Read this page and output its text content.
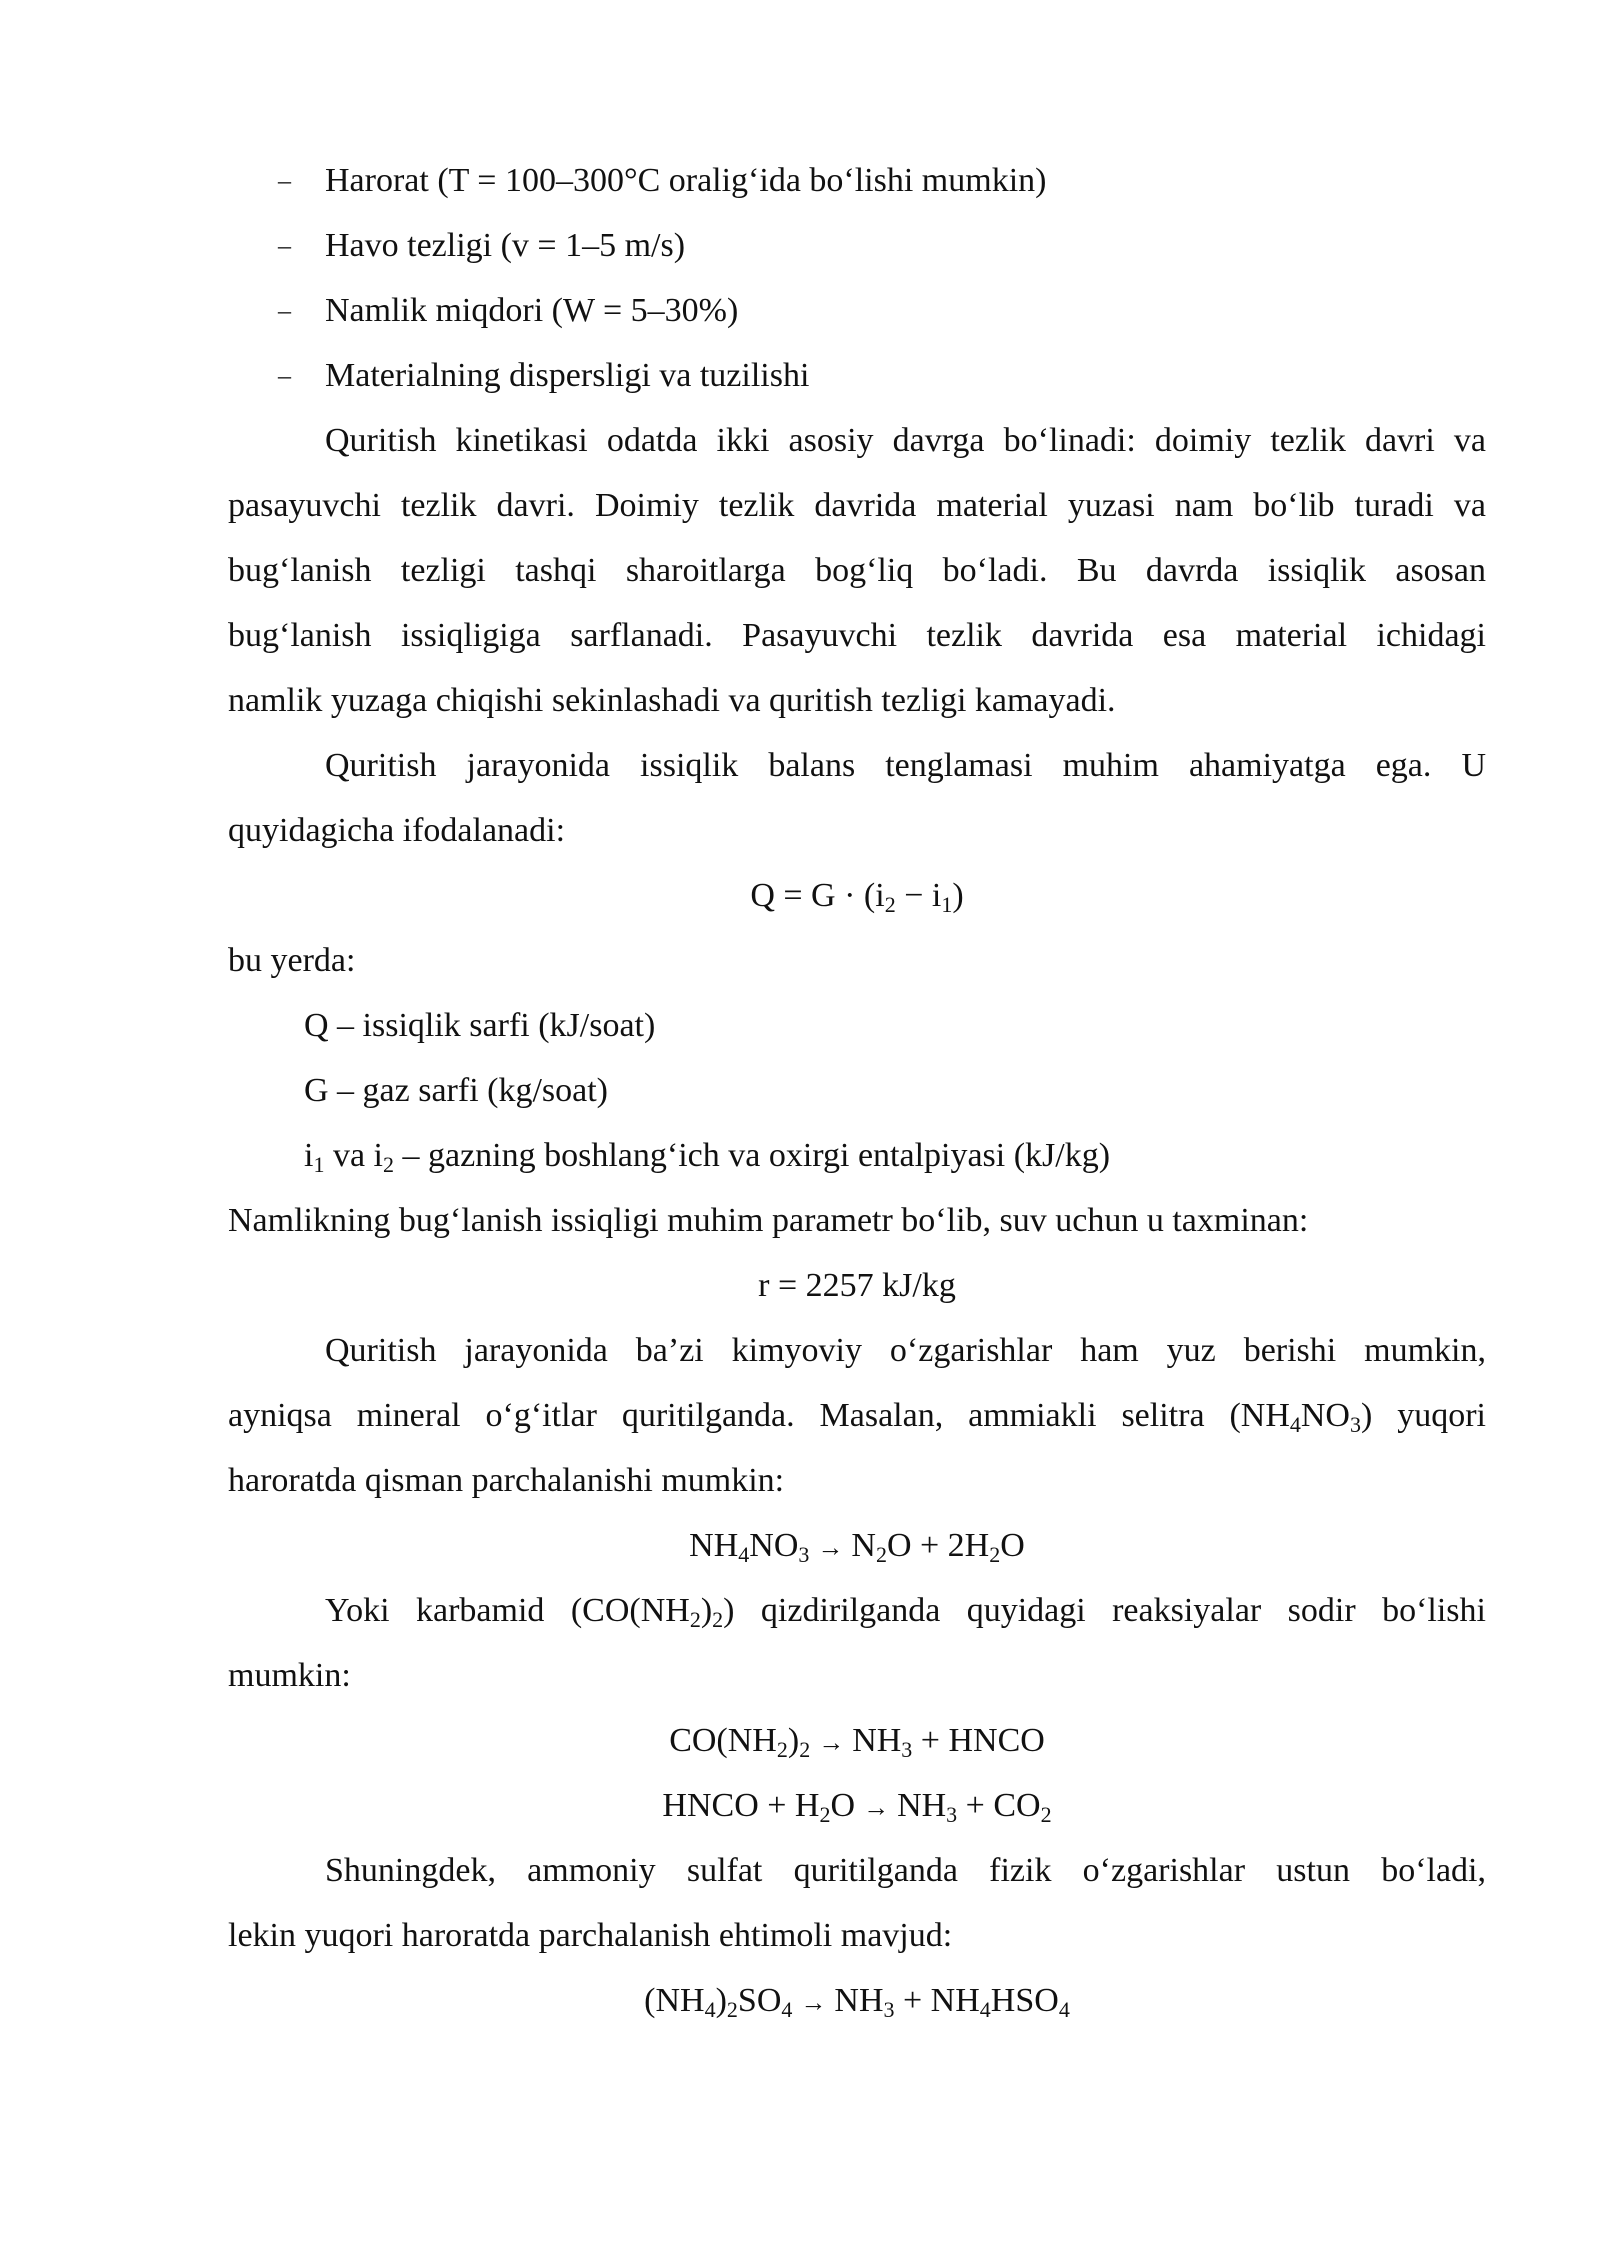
– Harorat (T = 100–300°C oralig‘ida bo‘lishi mumkin)
– Havo tezligi (v = 1–5 m/s)
– Namlik miqdori (W = 5–30%)
– Materialning dispersligi va tuzilishi
Quritish kinetikasi odatda ikki asosiy davrga bo‘linadi: doimiy tezlik davri va
pasayuvchi tezlik davri. Doimiy tezlik davrida material yuzasi nam bo‘lib turadi va
bug‘lanish tezligi tashqi sharoitlarga bog‘liq bo‘ladi. Bu davrda issiqlik asosan
bug‘lanish issiqligiga sarflanadi. Pasayuvchi tezlik davrida esa material ichidagi
namlik yuzaga chiqishi sekinlashadi va quritish tezligi kamayadi.
Quritish jarayonida issiqlik balans tenglamasi muhim ahamiyatga ega. U
quyidagicha ifodalanadi:
$Q = G \cdot (i_2 - i_1)$
bu yerda:
Q – issiqlik sarfi (kJ/soat)
G – gaz sarfi (kg/soat)
$i_1$ va $i_2$ – gazning boshlang‘ich va oxirgi entalpiyasi (kJ/kg)
Namlikning bug‘lanish issiqligi muhim parametr bo‘lib, suv uchun u taxminan:
r = 2257 kJ/kg
Quritish jarayonida ba’zi kimyoviy o‘zgarishlar ham yuz berishi mumkin,
ayniqsa mineral o‘g‘itlar quritilganda. Masalan, ammiakli selitra $(NH_4NO_3)$ yuqori
haroratda qisman parchalanishi mumkin:
$NH_4NO_3 \to N_2O + 2H_2O$
Yoki karbamid $(CO(NH_2)_2)$ qizdirilganda quyidagi reaksiyalar sodir bo‘lishi
mumkin:
$CO(NH_2)_2 \to NH_3$ + HNCO
HNCO + $H_2O \to NH_3 + CO_2$
Shuningdek, ammoniy sulfat quritilganda fizik o‘zgarishlar ustun bo‘ladi,
lekin yuqori haroratda parchalanish ehtimoli mavjud:
$(NH_4)_2SO_4 \to NH_3 + NH_4HSO_4$
